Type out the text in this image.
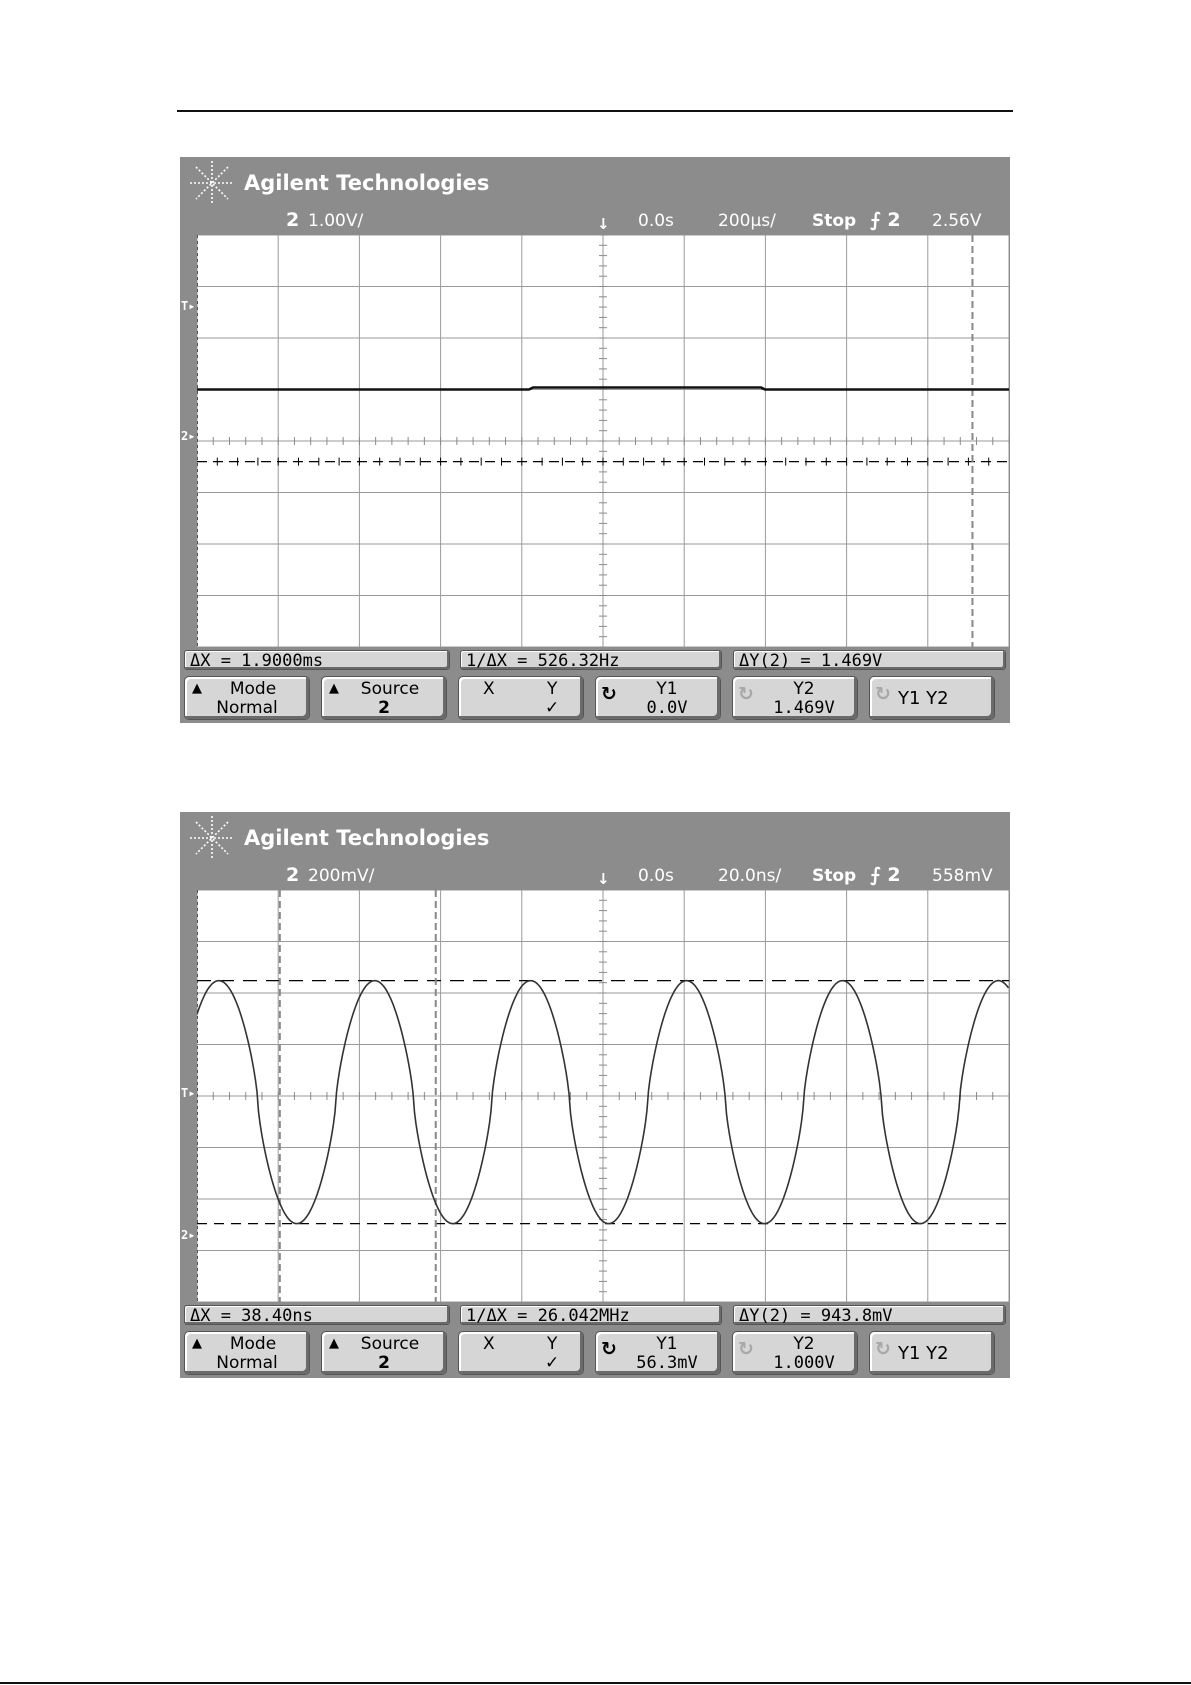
Agilent Technologies
2 1.00V/	↓ 0.0s	200µs/ Stop ⨍ 2 2.56V
T▸
2▸
ΔX = 1.9000ms	1/ΔX = 526.32Hz	ΔY(2) = 1.469V
▲	Mode
Normal
▲	Source
2
X	Y
✓
↻	Y1
0.0V
↻	Y2
1.469V
↻ Y1 Y2
Agilent Technologies
2 200mV/	↓ 0.0s	20.0ns/ Stop ⨍ 2 558mV
T▸
2▸
ΔX = 38.40ns	1/ΔX = 26.042MHz	ΔY(2) = 943.8mV
▲	Mode
Normal
▲	Source
2
X	Y
✓
↻	Y1
56.3mV
↻	Y2
1.000V
↻ Y1 Y2
